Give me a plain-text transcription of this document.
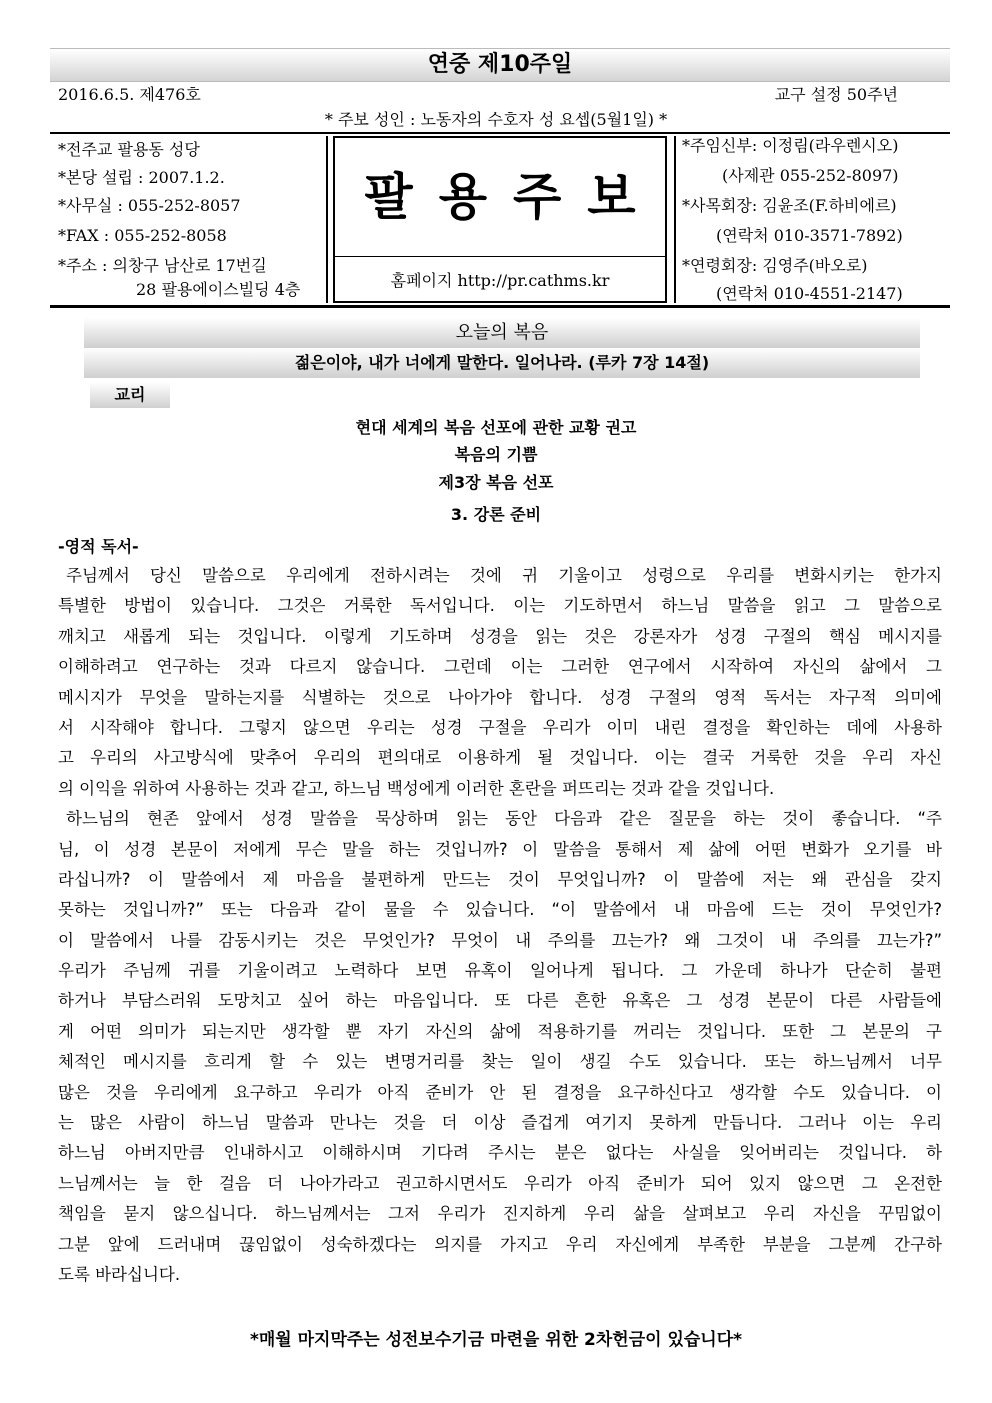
연중 제10주일
2016.6.5. 제476호	교구 설정 50주년
* 주보 성인 : 노동자의 수호자 성 요셉(5월1일) *
*전주교 팔용동 성당
*본당 설립 : 2007.1.2.
*사무실 : 055-252-8057
*FAX : 055-252-8058
*주소 : 의창구 남산로 17번길
28 팔용에이스빌딩 4층
팔용주보
홈페이지 http://pr.cathms.kr
*주임신부: 이정림(라우렌시오)
(사제관 055-252-8097)
*사목회장: 김윤조(F.하비에르)
(연락처 010-3571-7892)
*연령회장: 김영주(바오로)
(연락처 010-4551-2147)
오늘의 복음
젊은이야, 내가 너에게 말한다. 일어나라. (루카 7장 14절)
교리
현대 세계의 복음 선포에 관한 교황 권고
복음의 기쁨
제3장 복음 선포
3. 강론 준비
-영적 독서-
주님께서 당신 말씀으로 우리에게 전하시려는 것에 귀 기울이고 성령으로 우리를 변화시키는 한가지
특별한 방법이 있습니다. 그것은 거룩한 독서입니다. 이는 기도하면서 하느님 말씀을 읽고 그 말씀으로
깨치고 새롭게 되는 것입니다. 이렇게 기도하며 성경을 읽는 것은 강론자가 성경 구절의 핵심 메시지를
이해하려고 연구하는 것과 다르지 않습니다. 그런데 이는 그러한 연구에서 시작하여 자신의 삶에서 그
메시지가 무엇을 말하는지를 식별하는 것으로 나아가야 합니다. 성경 구절의 영적 독서는 자구적 의미에
서 시작해야 합니다. 그렇지 않으면 우리는 성경 구절을 우리가 이미 내린 결정을 확인하는 데에 사용하
고 우리의 사고방식에 맞추어 우리의 편의대로 이용하게 될 것입니다. 이는 결국 거룩한 것을 우리 자신
의 이익을 위하여 사용하는 것과 같고, 하느님 백성에게 이러한 혼란을 퍼뜨리는 것과 같을 것입니다.
하느님의 현존 앞에서 성경 말씀을 묵상하며 읽는 동안 다음과 같은 질문을 하는 것이 좋습니다. “주
님, 이 성경 본문이 저에게 무슨 말을 하는 것입니까? 이 말씀을 통해서 제 삶에 어떤 변화가 오기를 바
라십니까? 이 말씀에서 제 마음을 불편하게 만드는 것이 무엇입니까? 이 말씀에 저는 왜 관심을 갖지
못하는 것입니까?” 또는 다음과 같이 물을 수 있습니다. “이 말씀에서 내 마음에 드는 것이 무엇인가?
이 말씀에서 나를 감동시키는 것은 무엇인가? 무엇이 내 주의를 끄는가? 왜 그것이 내 주의를 끄는가?”
우리가 주님께 귀를 기울이려고 노력하다 보면 유혹이 일어나게 됩니다. 그 가운데 하나가 단순히 불편
하거나 부담스러워 도망치고 싶어 하는 마음입니다. 또 다른 흔한 유혹은 그 성경 본문이 다른 사람들에
게 어떤 의미가 되는지만 생각할 뿐 자기 자신의 삶에 적용하기를 꺼리는 것입니다. 또한 그 본문의 구
체적인 메시지를 흐리게 할 수 있는 변명거리를 찾는 일이 생길 수도 있습니다. 또는 하느님께서 너무
많은 것을 우리에게 요구하고 우리가 아직 준비가 안 된 결정을 요구하신다고 생각할 수도 있습니다. 이
는 많은 사람이 하느님 말씀과 만나는 것을 더 이상 즐겁게 여기지 못하게 만듭니다. 그러나 이는 우리
하느님 아버지만큼 인내하시고 이해하시며 기다려 주시는 분은 없다는 사실을 잊어버리는 것입니다. 하
느님께서는 늘 한 걸음 더 나아가라고 권고하시면서도 우리가 아직 준비가 되어 있지 않으면 그 온전한
책임을 묻지 않으십니다. 하느님께서는 그저 우리가 진지하게 우리 삶을 살펴보고 우리 자신을 꾸밈없이
그분 앞에 드러내며 끊임없이 성숙하겠다는 의지를 가지고 우리 자신에게 부족한 부분을 그분께 간구하
도록 바라십니다.
*매월 마지막주는 성전보수기금 마련을 위한 2차헌금이 있습니다*
